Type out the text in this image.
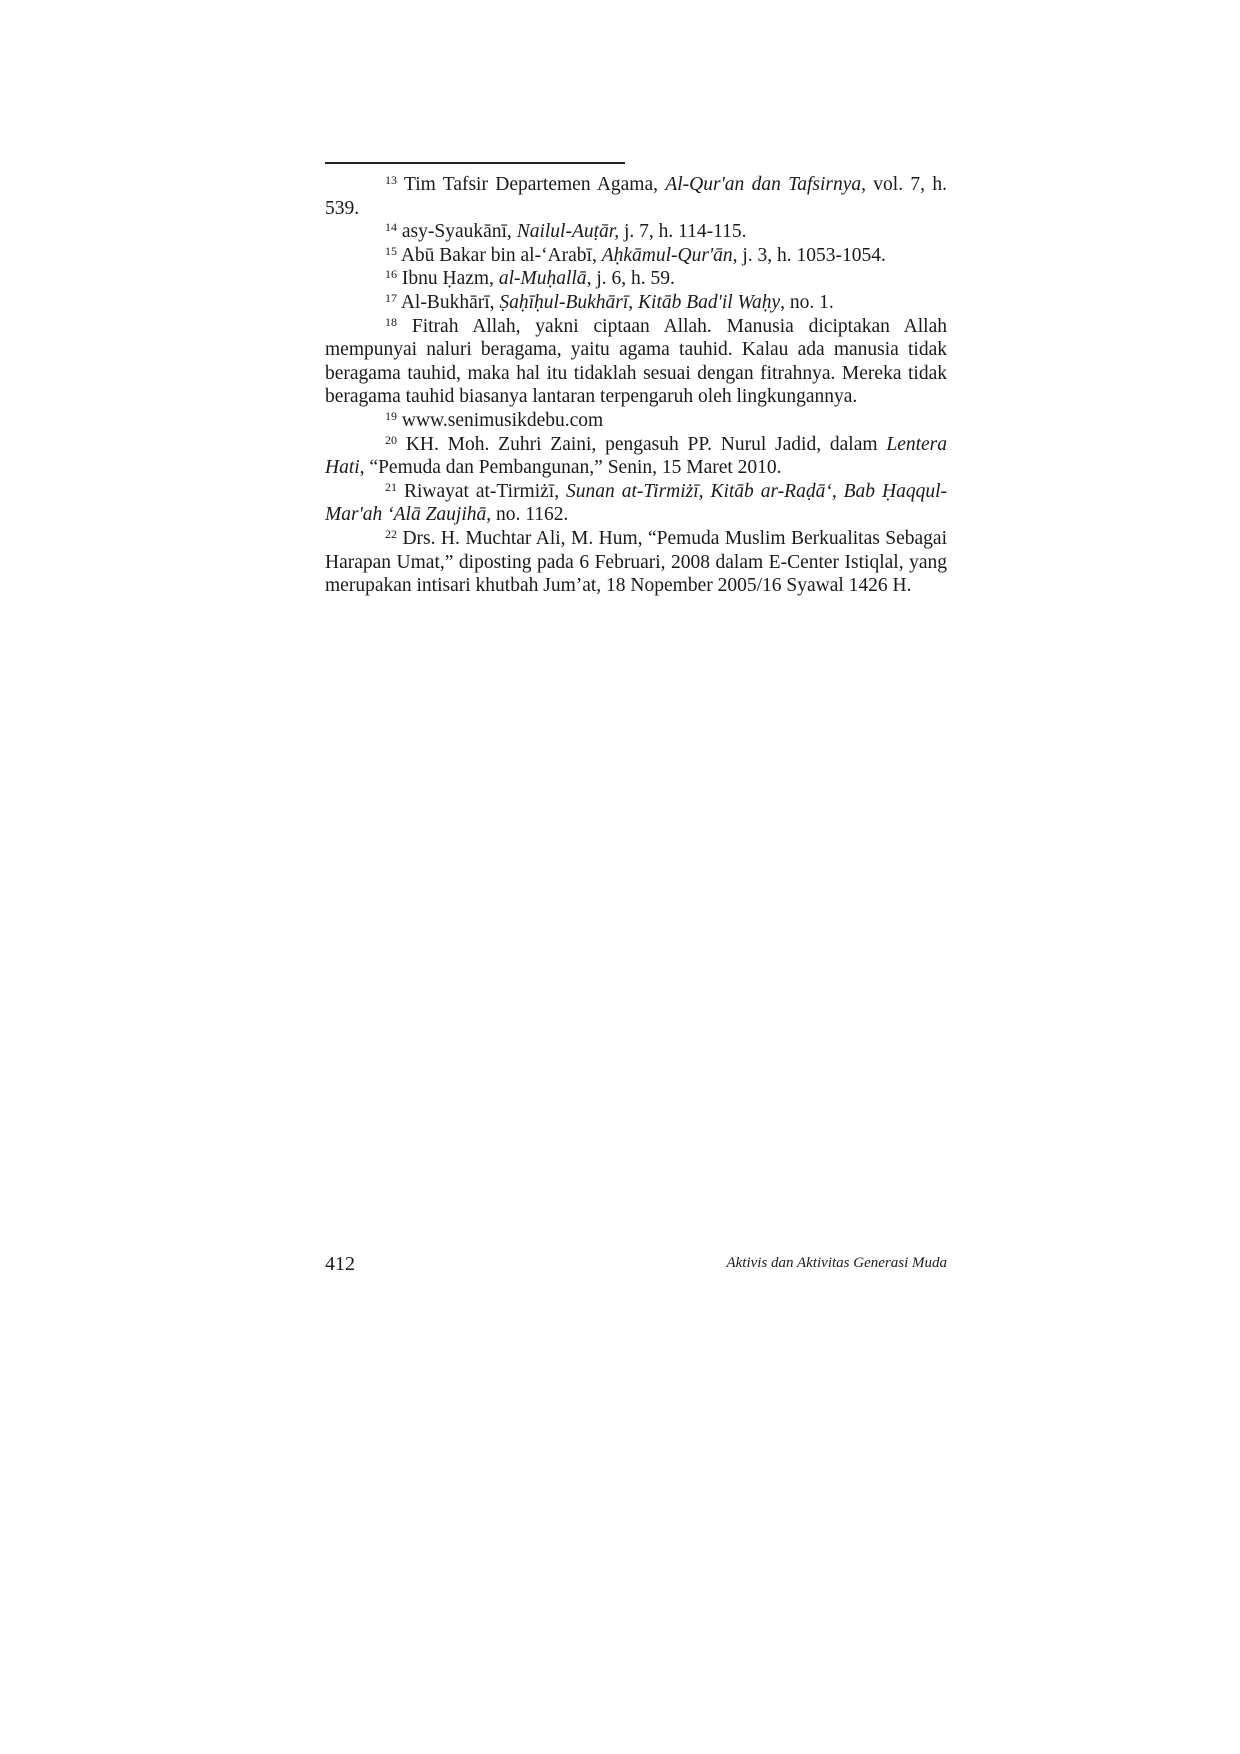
$^{13}$ Tim Tafsir Departemen Agama, Al-Qur'an dan Tafsirnya, vol. 7, h. 539.

$^{14}$ asy-Syaukānī, Nailul-Auṭār, j. 7, h. 114-115.

$^{15}$ Abū Bakar bin al-‘Arabī, Aḥkāmul-Qur'ān, j. 3, h. 1053-1054.

$^{16}$ Ibnu Ḥazm, al-Muḥallā, j. 6, h. 59.

$^{17}$ Al-Bukhārī, Ṣaḥīḥul-Bukhārī, Kitāb Bad'il Waḥy, no. 1.

$^{18}$ Fitrah Allah, yakni ciptaan Allah. Manusia diciptakan Allah mempunyai naluri beragama, yaitu agama tauhid. Kalau ada manusia tidak beragama tauhid, maka hal itu tidaklah sesuai dengan fitrahnya. Mereka tidak beragama tauhid biasanya lantaran terpengaruh oleh lingkungannya.

$^{19}$ www.senimusikdebu.com

$^{20}$ KH. Moh. Zuhri Zaini, pengasuh PP. Nurul Jadid, dalam Lentera Hati, “Pemuda dan Pembangunan,” Senin, 15 Maret 2010.

$^{21}$ Riwayat at-Tirmiżī, Sunan at-Tirmiżī, Kitāb ar-Raḍā‘, Bab Ḥaqqul-Mar'ah ‘Alā Zaujihā, no. 1162.

$^{22}$ Drs. H. Muchtar Ali, M. Hum, “Pemuda Muslim Berkualitas Sebagai Harapan Umat,” diposting pada 6 Februari, 2008 dalam E-Center Istiqlal, yang merupakan intisari khutbah Jum’at, 18 Nopember 2005/16 Syawal 1426 H.

412	Aktivis dan Aktivitas Generasi Muda
